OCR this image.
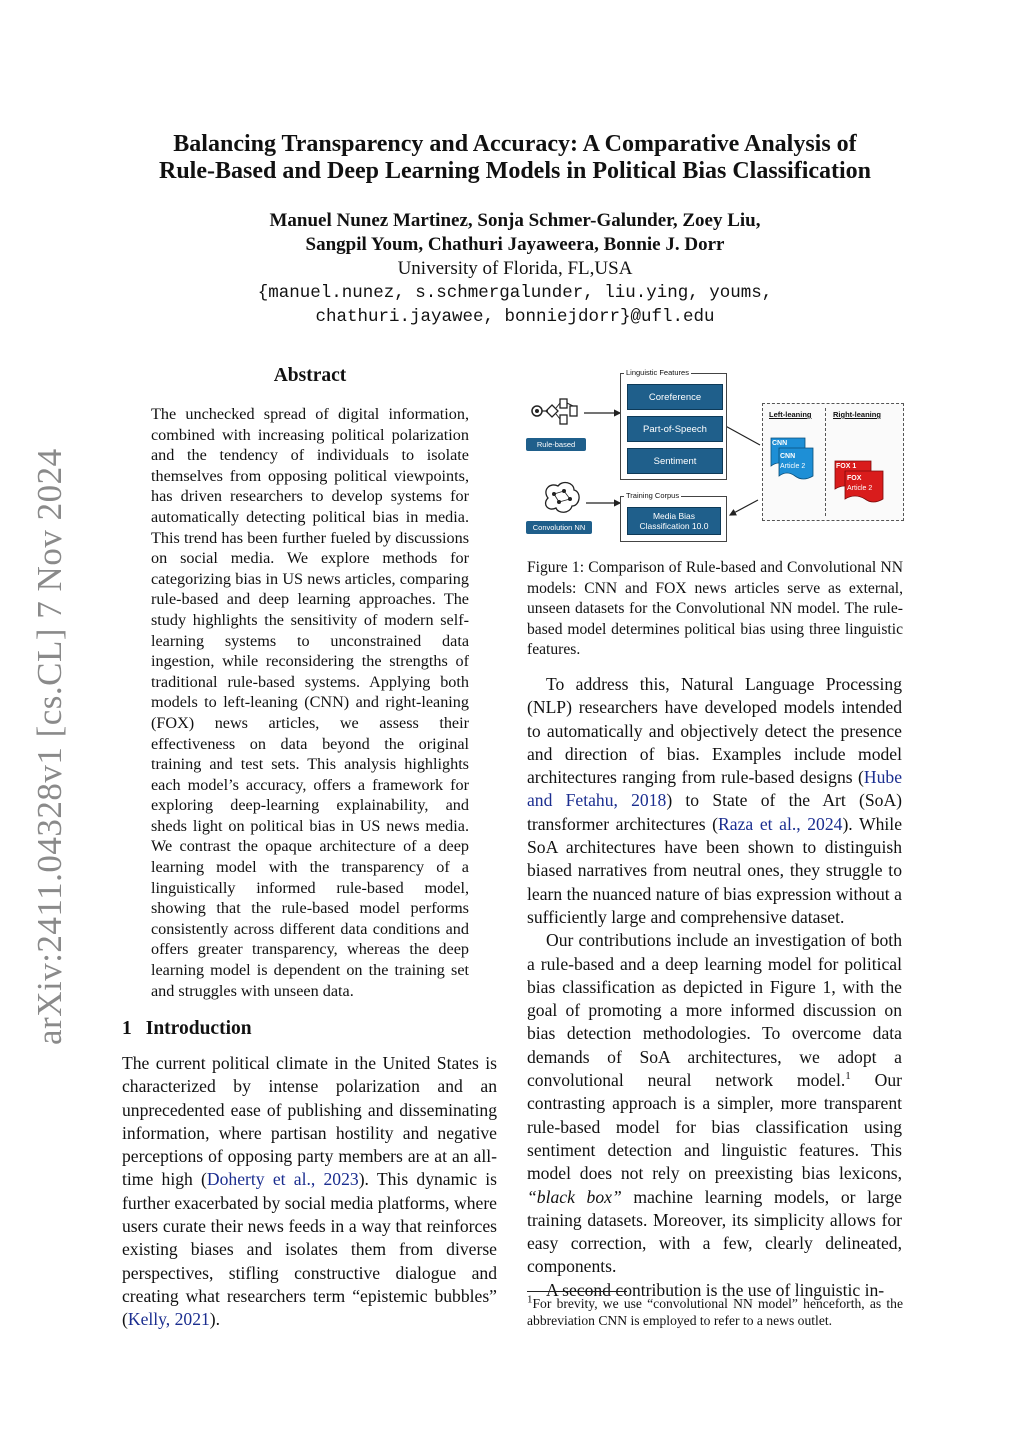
arXiv:2411.04328v1 [cs.CL] 7 Nov 2024
Balancing Transparency and Accuracy: A Comparative Analysis of
Rule-Based and Deep Learning Models in Political Bias Classification
Manuel Nunez Martinez, Sonja Schmer-Galunder, Zoey Liu,
Sangpil Youm, Chathuri Jayaweera, Bonnie J. Dorr
University of Florida, FL,USA
{manuel.nunez, s.schmergalunder, liu.ying, youms,
chathuri.jayawee, bonniejdorr}@ufl.edu
Abstract
The unchecked spread of digital information, combined with increasing political polarization and the tendency of individuals to isolate themselves from opposing political viewpoints, has driven researchers to develop systems for automatically detecting political bias in media. This trend has been further fueled by discussions on social media. We explore methods for categorizing bias in US news articles, comparing rule-based and deep learning approaches. The study highlights the sensitivity of modern self-learning systems to unconstrained data ingestion, while reconsidering the strengths of traditional rule-based systems. Applying both models to left-leaning (CNN) and right-leaning (FOX) news articles, we assess their effectiveness on data beyond the original training and test sets. This analysis highlights each model’s accuracy, offers a framework for exploring deep-learning explainability, and sheds light on political bias in US news media. We contrast the opaque architecture of a deep learning model with the transparency of a linguistically informed rule-based model, showing that the rule-based model performs consistently across different data conditions and offers greater transparency, whereas the deep learning model is dependent on the training set and struggles with unseen data.
1 Introduction

The current political climate in the United States is characterized by intense polarization and an unprecedented ease of publishing and disseminating information, where partisan hostility and negative perceptions of opposing party members are at an all-time high (Doherty et al., 2023). This dynamic is further exacerbated by social media platforms, where users curate their news feeds in a way that reinforces existing biases and isolates them from diverse perspectives, stifling constructive dialogue and creating what researchers term “epistemic bubbles” (Kelly, 2021).

Rule-based
Convolution NN
Linguistic Features
Coreference
Part-of-Speech
Sentiment
Training Corpus
Media Bias Classification 10.0
Left-leaning	Right-leaning
CNN
CNN
Article 2	FOX 1
FOX
Article 2
Figure 1: Comparison of Rule-based and Convolutional NN models: CNN and FOX news articles serve as external, unseen datasets for the Convolutional NN model. The rule-based model determines political bias using three linguistic features.

To address this, Natural Language Processing (NLP) researchers have developed models intended to automatically and objectively detect the presence and direction of bias. Examples include model architectures ranging from rule-based designs (Hube and Fetahu, 2018) to State of the Art (SoA) transformer architectures (Raza et al., 2024). While SoA architectures have been shown to distinguish biased narratives from neutral ones, they struggle to learn the nuanced nature of bias expression without a sufficiently large and comprehensive dataset.

Our contributions include an investigation of both a rule-based and a deep learning model for political bias classification as depicted in Figure 1, with the goal of promoting a more informed discussion on bias detection methodologies. To overcome data demands of SoA architectures, we adopt a convolutional neural network model.$^1$ Our contrasting approach is a simpler, more transparent rule-based model for bias classification using sentiment detection and linguistic features. This model does not rely on preexisting bias lexicons, “black box” machine learning models, or large training datasets. Moreover, its simplicity allows for easy correction, with a few, clearly delineated, components.

A second contribution is the use of linguistic in-

$^1$For brevity, we use “convolutional NN model” henceforth, as the abbreviation CNN is employed to refer to a news outlet.
